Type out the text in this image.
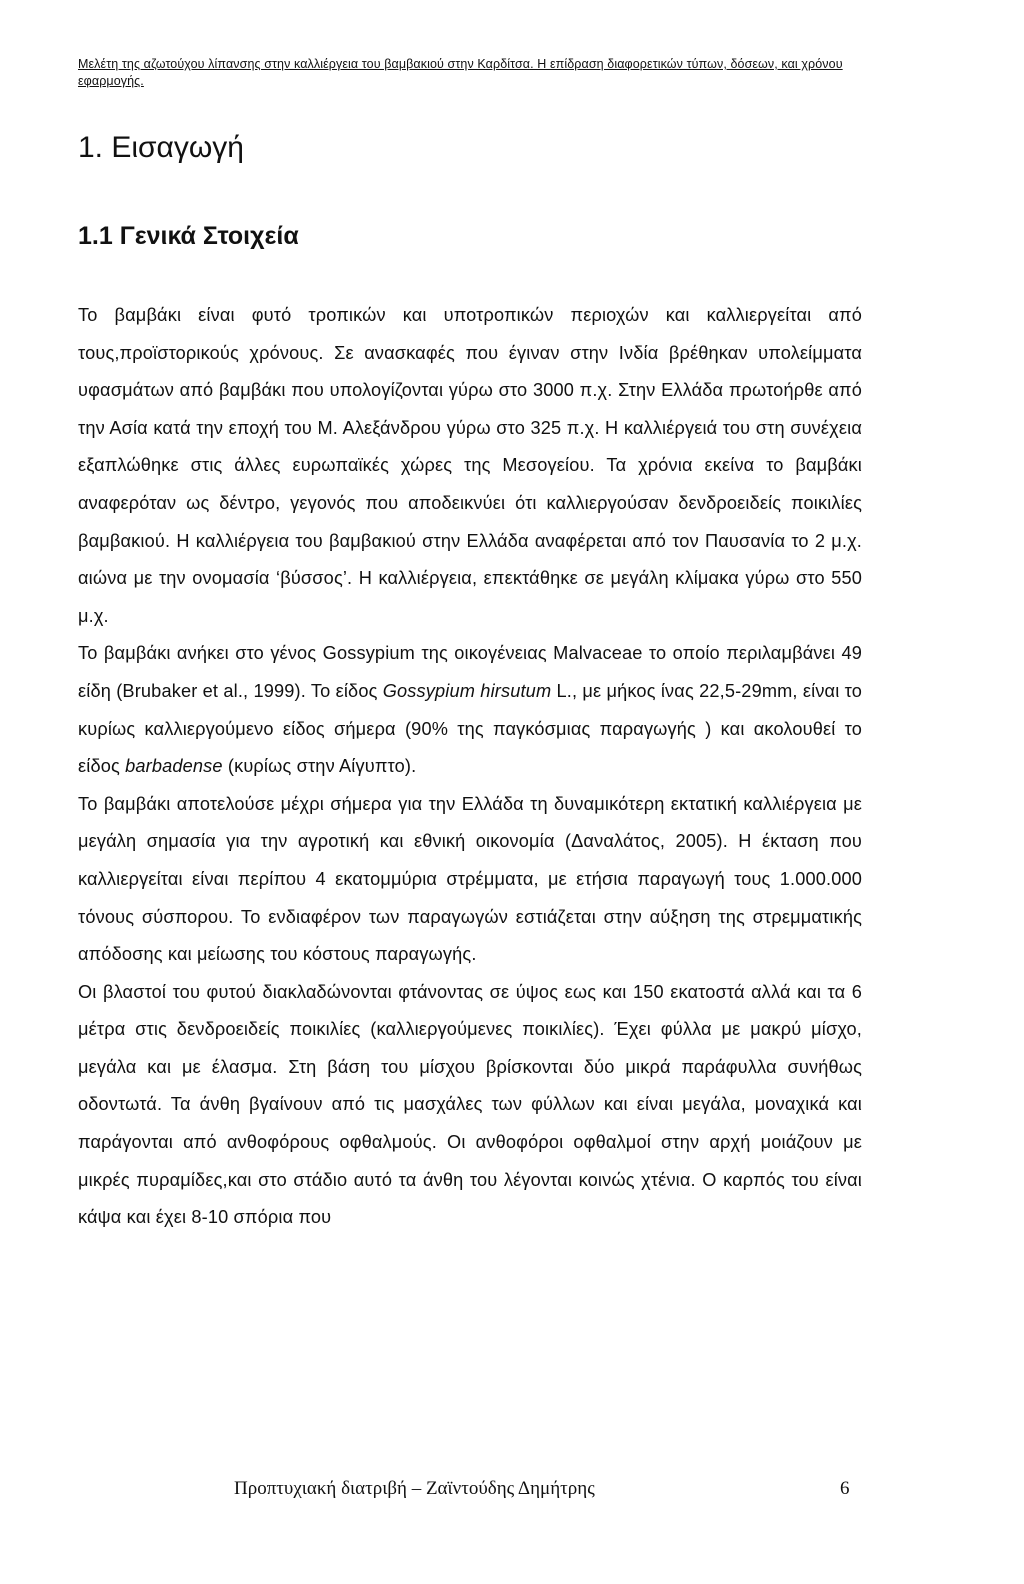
Μελέτη της αζωτούχου λίπανσης στην καλλιέργεια του βαμβακιού στην Καρδίτσα. Η επίδραση διαφορετικών τύπων, δόσεων, και χρόνου εφαρμογής.
1. Εισαγωγή
1.1 Γενικά Στοιχεία

Το βαμβάκι είναι φυτό τροπικών και υποτροπικών περιοχών και καλλιεργείται από τους,προϊστορικούς χρόνους. Σε ανασκαφές που έγιναν στην Ινδία βρέθηκαν υπολείμματα υφασμάτων από βαμβάκι που υπολογίζονται γύρω στο 3000 π.χ. Στην Ελλάδα πρωτοήρθε από την Ασία κατά την εποχή του Μ. Αλεξάνδρου γύρω στο 325 π.χ. Η καλλιέργειά του στη συνέχεια εξαπλώθηκε στις άλλες ευρωπαϊκές χώρες της Μεσογείου. Τα χρόνια εκείνα το βαμβάκι αναφερόταν ως δέντρο, γεγονός που αποδεικνύει ότι καλλιεργούσαν δενδροειδείς ποικιλίες βαμβακιού. Η καλλιέργεια του βαμβακιού στην Ελλάδα αναφέρεται από τον Παυσανία το 2 μ.χ. αιώνα με την ονομασία ‘βύσσος’. Η καλλιέργεια, επεκτάθηκε σε μεγάλη κλίμακα γύρω στο 550 μ.χ.

Το βαμβάκι ανήκει στο γένος Gossypium της οικογένειας Malvaceae το οποίο περιλαμβάνει 49 είδη (Brubaker et al., 1999). Το είδος Gossypium hirsutum L., με μήκος ίνας 22,5-29mm, είναι το κυρίως καλλιεργούμενο είδος σήμερα (90% της παγκόσμιας παραγωγής ) και ακολουθεί το είδος barbadense (κυρίως στην Αίγυπτο).

Το βαμβάκι αποτελούσε μέχρι σήμερα για την Ελλάδα τη δυναμικότερη εκτατική καλλιέργεια με μεγάλη σημασία για την αγροτική και εθνική οικονομία (Δαναλάτος, 2005). Η έκταση που καλλιεργείται είναι περίπου 4 εκατομμύρια στρέμματα, με ετήσια παραγωγή τους 1.000.000 τόνους σύσπορου. Το ενδιαφέρον των παραγωγών εστιάζεται στην αύξηση της στρεμματικής απόδοσης και μείωσης του κόστους παραγωγής.

Οι βλαστοί του φυτού διακλαδώνονται φτάνοντας σε ύψος εως και 150 εκατοστά αλλά και τα 6 μέτρα στις δενδροειδείς ποικιλίες (καλλιεργούμενες ποικιλίες). Έχει φύλλα με μακρύ μίσχο, μεγάλα και με έλασμα. Στη βάση του μίσχου βρίσκονται δύο μικρά παράφυλλα συνήθως οδοντωτά. Τα άνθη βγαίνουν από τις μασχάλες των φύλλων και είναι μεγάλα, μοναχικά και παράγονται από ανθοφόρους οφθαλμούς. Οι ανθοφόροι οφθαλμοί στην αρχή μοιάζουν με μικρές πυραμίδες,και στο στάδιο αυτό τα άνθη του λέγονται κοινώς χτένια. Ο καρπός του είναι κάψα και έχει 8-10 σπόρια που

Προπτυχιακή διατριβή – Ζαϊντούδης Δημήτρης	6
